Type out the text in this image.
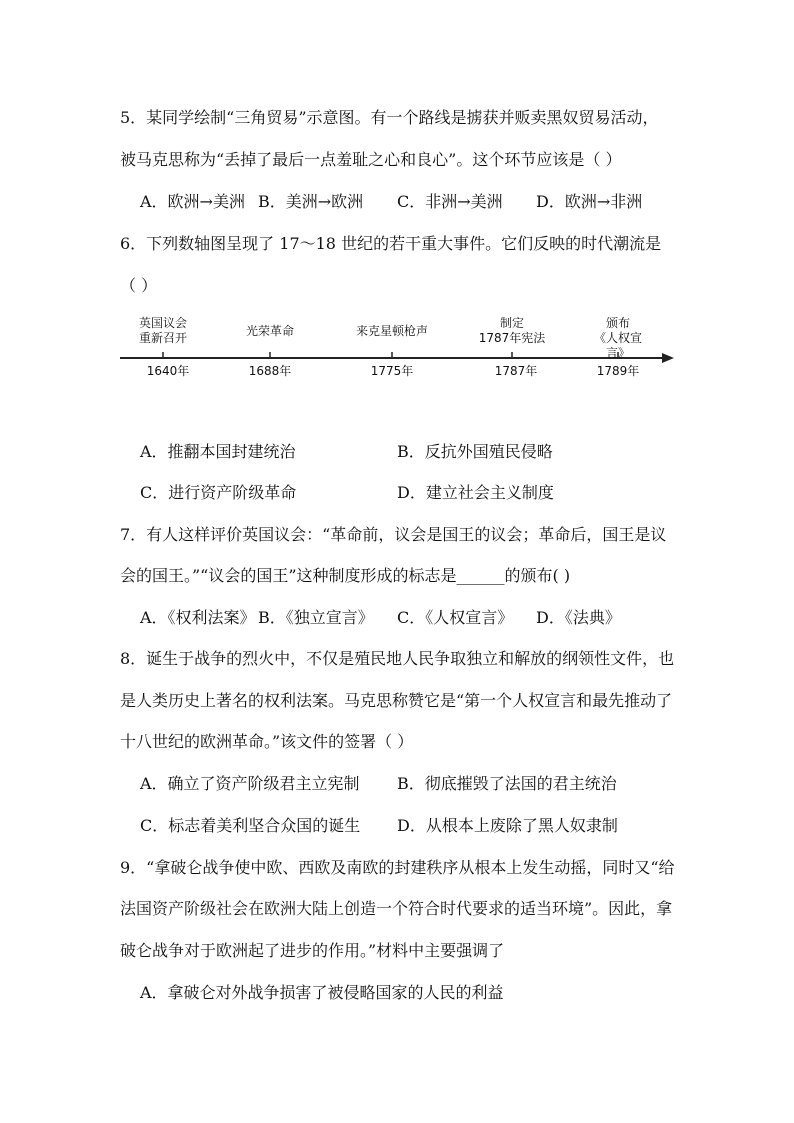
5．某同学绘制“三角贸易”示意图。有一个路线是掳获并贩卖黑奴贸易活动，
被马克思称为“丢掉了最后一点羞耻之心和良心”。这个环节应该是（ ）
A．欧洲→美洲 B．美洲→欧洲 C．非洲→美洲 D．欧洲→非洲
6．下列数轴图呈现了 17～18 世纪的若干重大事件。它们反映的时代潮流是
（ ）
英国议会
重新召开	光荣革命	来克星顿枪声
制定
1787年宪法
颁布
《人权宣言》
1640年	1688年	1775年	1787年	1789年
A．推翻本国封建统治	B．反抗外国殖民侵略
C．进行资产阶级革命	D．建立社会主义制度
7．有人这样评价英国议会：“革命前，议会是国王的议会；革命后，国王是议
会的国王。”“议会的国王”这种制度形成的标志是______的颁布( )
A．《权利法案》 B．《独立宣言》 C．《人权宣言》 D．《法典》
8．诞生于战争的烈火中，不仅是殖民地人民争取独立和解放的纲领性文件，也
是人类历史上著名的权利法案。马克思称赞它是“第一个人权宣言和最先推动了
十八世纪的欧洲革命。”该文件的签署（ ）
A．确立了资产阶级君主立宪制 B．彻底摧毁了法国的君主统治
C．标志着美利坚合众国的诞生 D．从根本上废除了黑人奴隶制
9．“拿破仑战争使中欧、西欧及南欧的封建秩序从根本上发生动摇，同时又“给
法国资产阶级社会在欧洲大陆上创造一个符合时代要求的适当环境”。因此，拿
破仑战争对于欧洲起了进步的作用。”材料中主要强调了
A．拿破仑对外战争损害了被侵略国家的人民的利益
